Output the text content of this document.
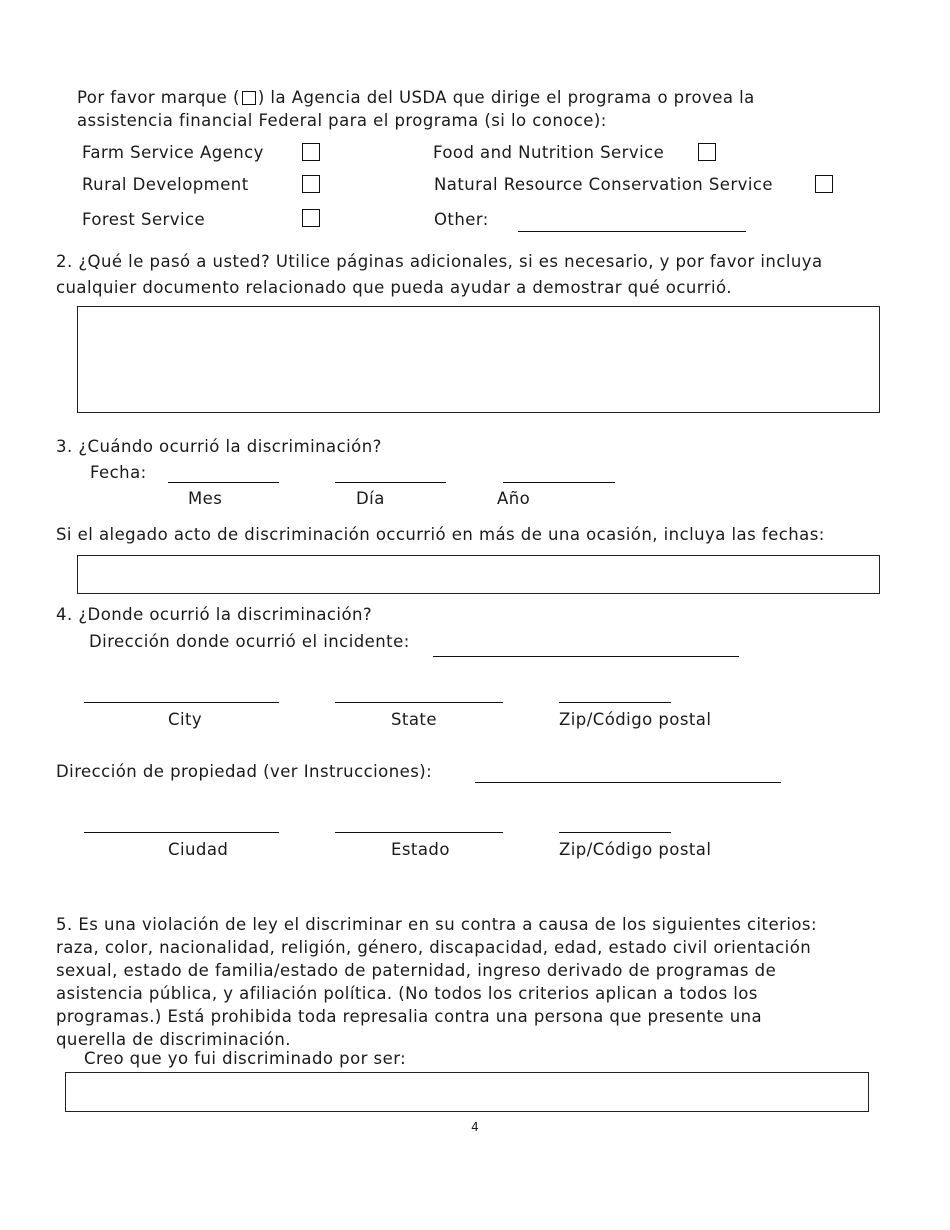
Por favor marque ( ) la Agencia del USDA que dirige el programa o provea la
assistencia financial Federal para el programa (si lo conoce):
Farm Service Agency	Food and Nutrition Service
Rural Development	Natural Resource Conservation Service
Forest Service	Other:
2. ¿Qué le pasó a usted? Utilice páginas adicionales, si es necesario, y por favor incluya
cualquier documento relacionado que pueda ayudar a demostrar qué ocurrió.
3. ¿Cuándo ocurrió la discriminación?
Fecha:
Mes	Día	Año
Si el alegado acto de discriminación occurrió en más de una ocasión, incluya las fechas:
4. ¿Donde ocurrió la discriminación?
Dirección donde ocurrió el incidente:
City	State	Zip/Código postal
Dirección de propiedad (ver Instrucciones):
Ciudad	Estado	Zip/Código postal
5. Es una violación de ley el discriminar en su contra a causa de los siguientes citerios:
raza, color, nacionalidad, religión, género, discapacidad, edad, estado civil orientación
sexual, estado de familia/estado de paternidad, ingreso derivado de programas de
asistencia pública, y afiliación política. (No todos los criterios aplican a todos los
programas.) Está prohibida toda represalia contra una persona que presente una
querella de discriminación.
Creo que yo fui discriminado por ser:
4
